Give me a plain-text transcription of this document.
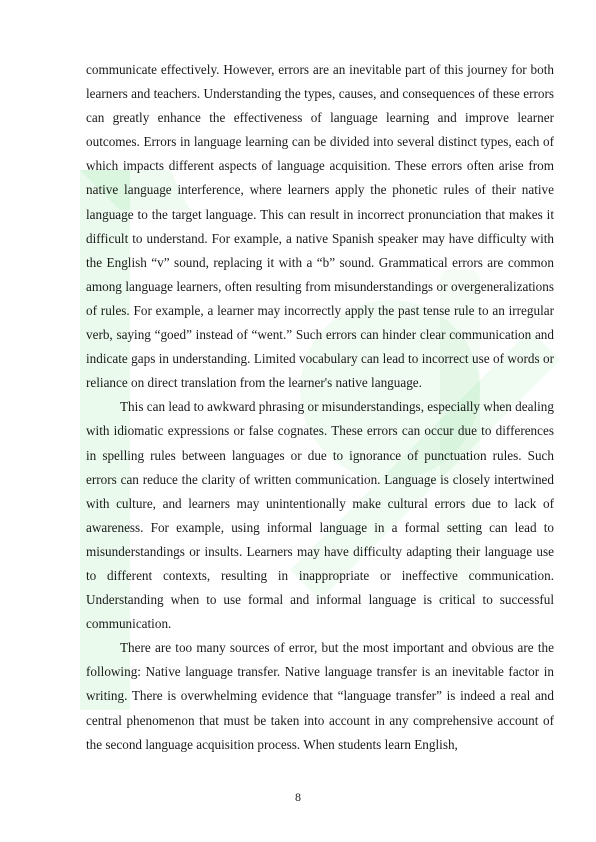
communicate effectively. However, errors are an inevitable part of this journey for both learners and teachers. Understanding the types, causes, and consequences of these errors can greatly enhance the effectiveness of language learning and improve learner outcomes. Errors in language learning can be divided into several distinct types, each of which impacts different aspects of language acquisition. These errors often arise from native language interference, where learners apply the phonetic rules of their native language to the target language. This can result in incorrect pronunciation that makes it difficult to understand. For example, a native Spanish speaker may have difficulty with the English “v” sound, replacing it with a “b” sound. Grammatical errors are common among language learners, often resulting from misunderstandings or overgeneralizations of rules. For example, a learner may incorrectly apply the past tense rule to an irregular verb, saying “goed” instead of “went.” Such errors can hinder clear communication and indicate gaps in understanding. Limited vocabulary can lead to incorrect use of words or reliance on direct translation from the learner's native language.

This can lead to awkward phrasing or misunderstandings, especially when dealing with idiomatic expressions or false cognates. These errors can occur due to differences in spelling rules between languages or due to ignorance of punctuation rules. Such errors can reduce the clarity of written communication. Language is closely intertwined with culture, and learners may unintentionally make cultural errors due to lack of awareness. For example, using informal language in a formal setting can lead to misunderstandings or insults. Learners may have difficulty adapting their language use to different contexts, resulting in inappropriate or ineffective communication. Understanding when to use formal and informal language is critical to successful communication.

There are too many sources of error, but the most important and obvious are the following: Native language transfer. Native language transfer is an inevitable factor in writing. There is overwhelming evidence that “language transfer” is indeed a real and central phenomenon that must be taken into account in any comprehensive account of the second language acquisition process. When students learn English,

8
